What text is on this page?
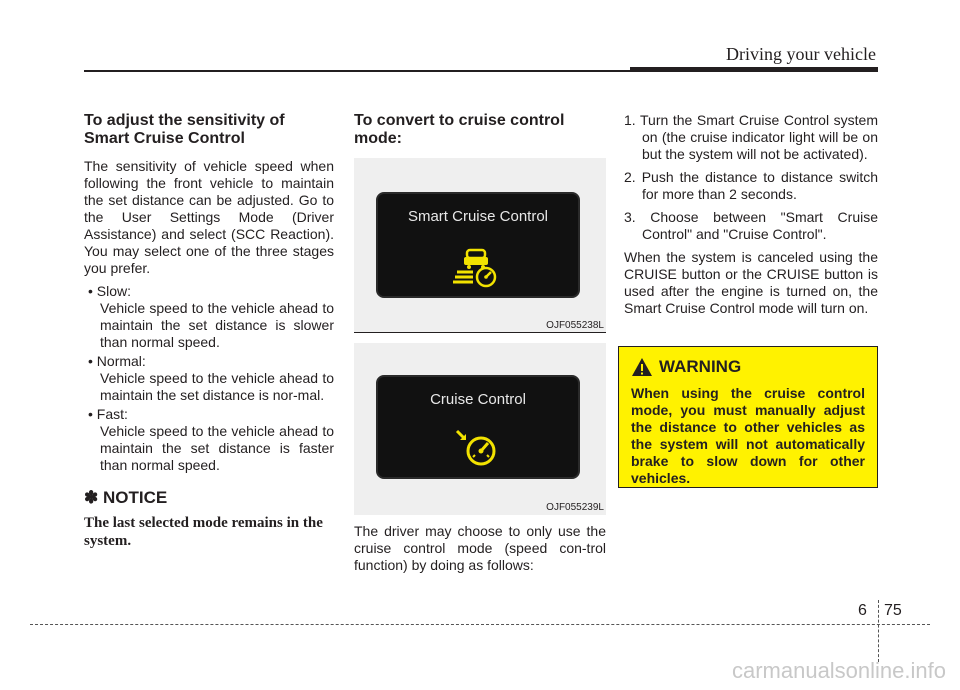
Driving your vehicle
To adjust the sensitivity of Smart Cruise Control

The sensitivity of vehicle speed when following the front vehicle to maintain the set distance can be adjusted. Go to the User Settings Mode (Driver Assistance) and select (SCC Reaction). You may select one of the three stages you prefer.

• Slow:
Vehicle speed to the vehicle ahead to maintain the set distance is slower than normal speed.
• Normal:
Vehicle speed to the vehicle ahead to maintain the set distance is nor-mal.
• Fast:
Vehicle speed to the vehicle ahead to maintain the set distance is faster than normal speed.
✽ NOTICE
The last selected mode remains in the system.
To convert to cruise control mode:
Smart Cruise Control
OJF055238L
Cruise Control
OJF055239L

The driver may choose to only use the cruise control mode (speed con-trol function) by doing as follows:

1. Turn the Smart Cruise Control system on (the cruise indicator light will be on but the system will not be activated).
2. Push the distance to distance switch for more than 2 seconds.
3. Choose between "Smart Cruise Control" and "Cruise Control".

When the system is canceled using the CRUISE button or the CRUISE button is used after the engine is turned on, the Smart Cruise Control mode will turn on.

WARNING
When using the cruise control mode, you must manually adjust the distance to other vehicles as the system will not automatically brake to slow down for other vehicles.
6 75
carmanualsonline.info
